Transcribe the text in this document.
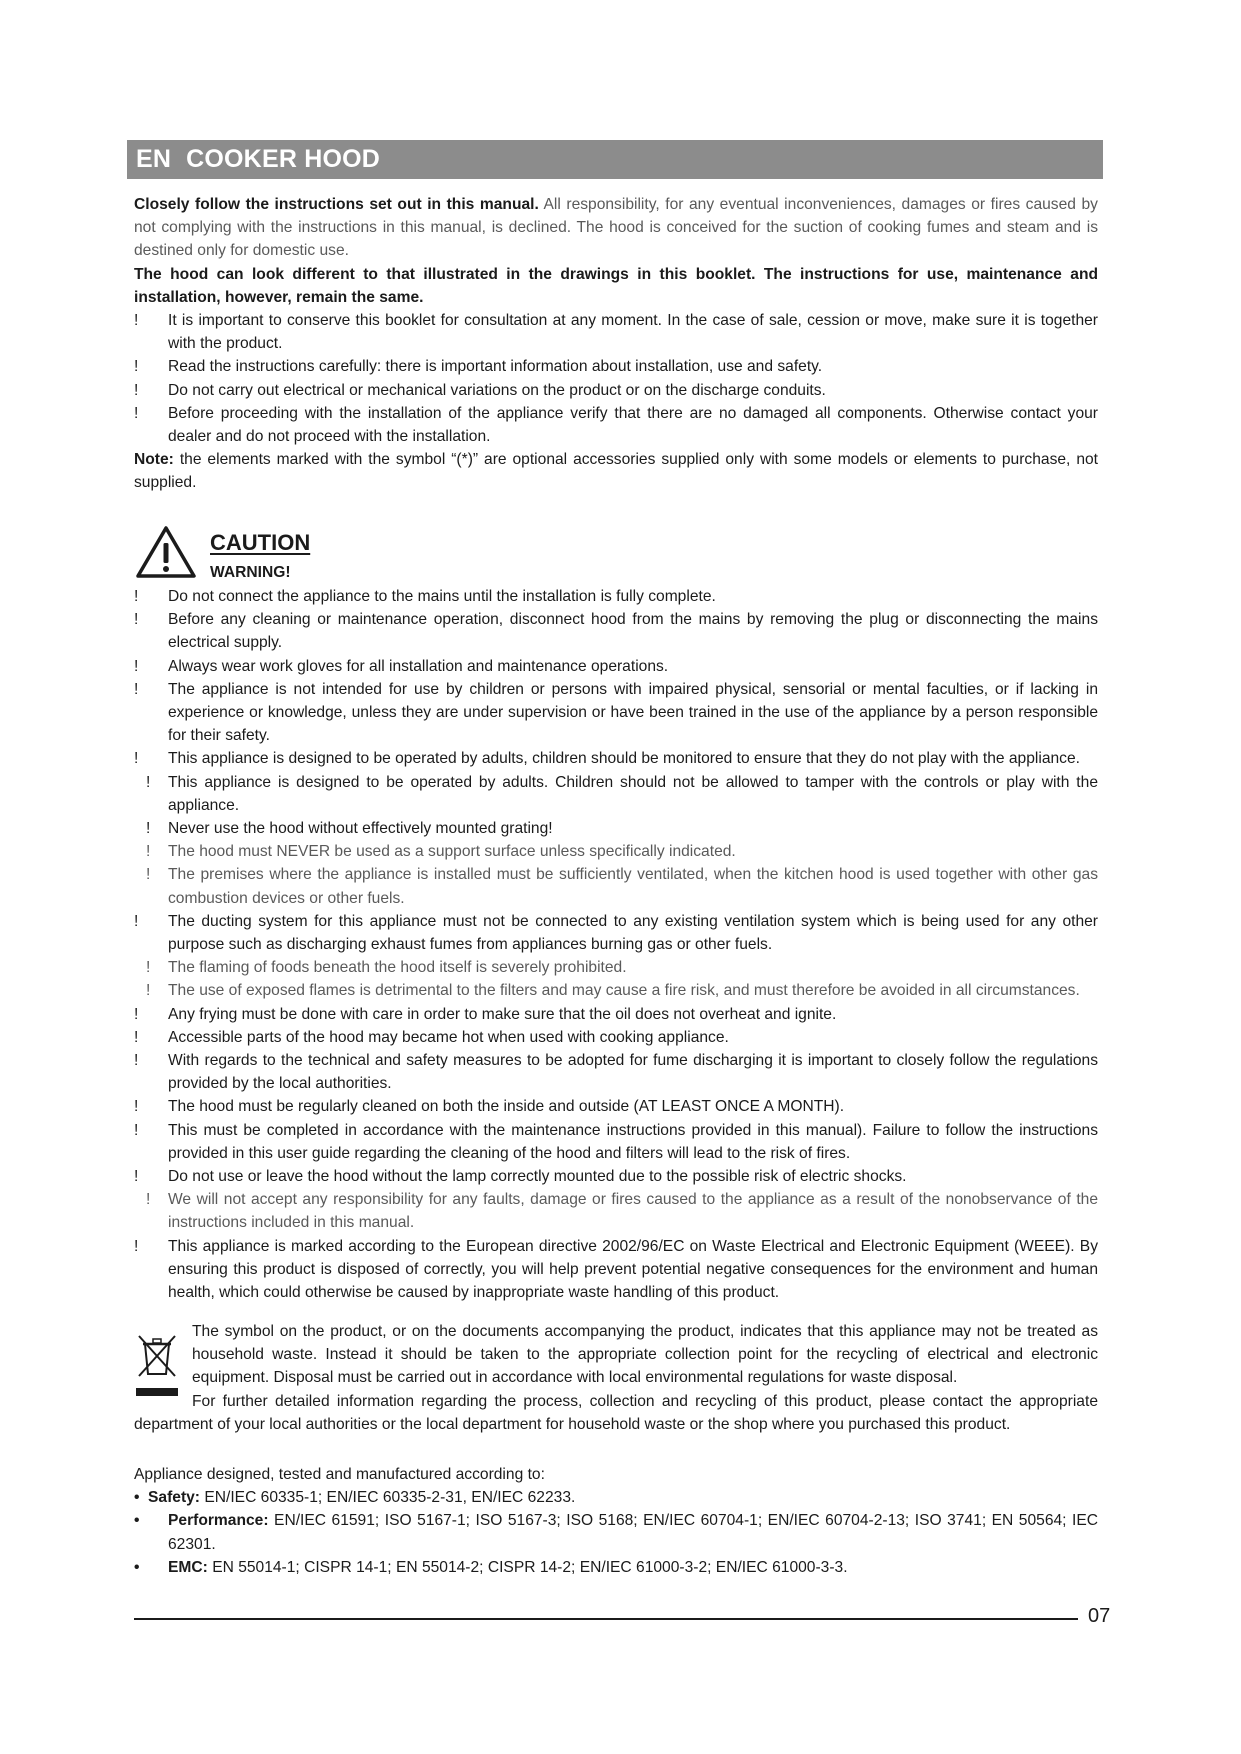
EN COOKER HOOD

Closely follow the instructions set out in this manual. All responsibility, for any eventual inconveniences, damages or fires caused by not complying with the instructions in this manual, is declined. The hood is conceived for the suction of cooking fumes and steam and is destined only for domestic use.

The hood can look different to that illustrated in the drawings in this booklet. The instructions for use, maintenance and installation, however, remain the same.

! It is important to conserve this booklet for consultation at any moment. In the case of sale, cession or move, make sure it is together with the product.
! Read the instructions carefully: there is important information about installation, use and safety.
! Do not carry out electrical or mechanical variations on the product or on the discharge conduits.
! Before proceeding with the installation of the appliance verify that there are no damaged all components. Otherwise contact your dealer and do not proceed with the installation.

Note: the elements marked with the symbol “(*)” are optional accessories supplied only with some models or elements to purchase, not supplied.

CAUTION
WARNING!
! Do not connect the appliance to the mains until the installation is fully complete.
! Before any cleaning or maintenance operation, disconnect hood from the mains by removing the plug or disconnecting the mains electrical supply.
! Always wear work gloves for all installation and maintenance operations.
! The appliance is not intended for use by children or persons with impaired physical, sensorial or mental faculties, or if lacking in experience or knowledge, unless they are under supervision or have been trained in the use of the appliance by a person responsible for their safety.
! This appliance is designed to be operated by adults, children should be monitored to ensure that they do not play with the appliance.
! This appliance is designed to be operated by adults. Children should not be allowed to tamper with the controls or play with the appliance.
! Never use the hood without effectively mounted grating!
! The hood must NEVER be used as a support surface unless specifically indicated.
! The premises where the appliance is installed must be sufficiently ventilated, when the kitchen hood is used together with other gas combustion devices or other fuels.
! The ducting system for this appliance must not be connected to any existing ventilation system which is being used for any other purpose such as discharging exhaust fumes from appliances burning gas or other fuels.
! The flaming of foods beneath the hood itself is severely prohibited.
! The use of exposed flames is detrimental to the filters and may cause a fire risk, and must therefore be avoided in all circumstances.
! Any frying must be done with care in order to make sure that the oil does not overheat and ignite.
! Accessible parts of the hood may became hot when used with cooking appliance.
! With regards to the technical and safety measures to be adopted for fume discharging it is important to closely follow the regulations provided by the local authorities.
! The hood must be regularly cleaned on both the inside and outside (AT LEAST ONCE A MONTH).
! This must be completed in accordance with the maintenance instructions provided in this manual). Failure to follow the instructions provided in this user guide regarding the cleaning of the hood and filters will lead to the risk of fires.
! Do not use or leave the hood without the lamp correctly mounted due to the possible risk of electric shocks.
! We will not accept any responsibility for any faults, damage or fires caused to the appliance as a result of the nonobservance of the instructions included in this manual.
! This appliance is marked according to the European directive 2002/96/EC on Waste Electrical and Electronic Equipment (WEEE). By ensuring this product is disposed of correctly, you will help prevent potential negative consequences for the environment and human health, which could otherwise be caused by inappropriate waste handling of this product.

The symbol on the product, or on the documents accompanying the product, indicates that this appliance may not be treated as household waste. Instead it should be taken to the appropriate collection point for the recycling of electrical and electronic equipment. Disposal must be carried out in accordance with local environmental regulations for waste disposal.

For further detailed information regarding the process, collection and recycling of this product, please contact the appropriate department of your local authorities or the local department for household waste or the shop where you purchased this product.

Appliance designed, tested and manufactured according to:

• Safety: EN/IEC 60335-1; EN/IEC 60335-2-31, EN/IEC 62233.
• Performance: EN/IEC 61591; ISO 5167-1; ISO 5167-3; ISO 5168; EN/IEC 60704-1; EN/IEC 60704-2-13; ISO 3741; EN 50564; IEC 62301.
• EMC: EN 55014-1; CISPR 14-1; EN 55014-2; CISPR 14-2; EN/IEC 61000-3-2; EN/IEC 61000-3-3.
07
